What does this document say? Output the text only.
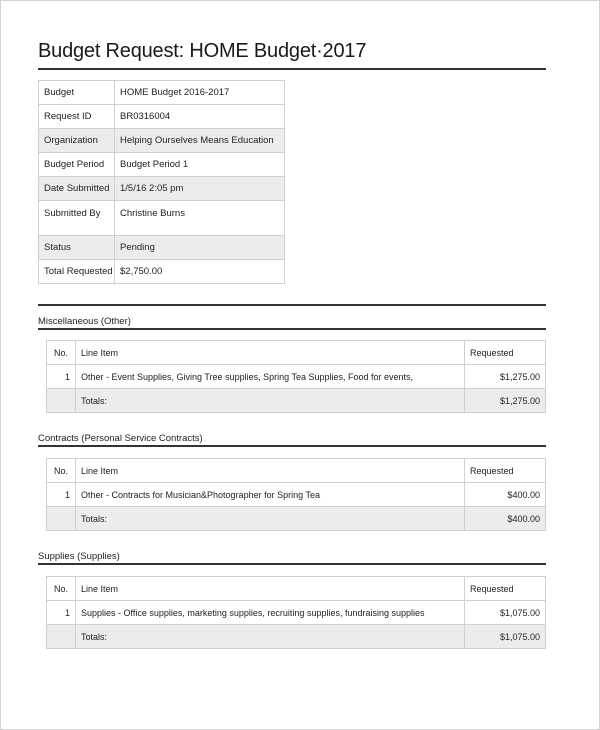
Budget Request: HOME Budget·2017
Budget	HOME Budget 2016-2017
Request ID	BR0316004
Organization	Helping Ourselves Means Education
Budget Period	Budget Period 1
Date Submitted	1/5/16 2:05 pm
Submitted By	Christine Burns
Status	Pending
Total Requested	$2,750.00
Miscellaneous (Other)
No.	Line Item	Requested
1	Other - Event Supplies, Giving Tree supplies, Spring Tea Supplies, Food for events,	$1,275.00
	Totals:	$1,275.00
Contracts (Personal Service Contracts)
No.	Line Item	Requested
1	Other - Contracts for Musician&Photographer for Spring Tea	$400.00
	Totals:	$400.00
Supplies (Supplies)
No.	Line Item	Requested
1	Supplies - Office supplies, marketing supplies, recruiting supplies, fundraising supplies	$1,075.00
	Totals:	$1,075.00
